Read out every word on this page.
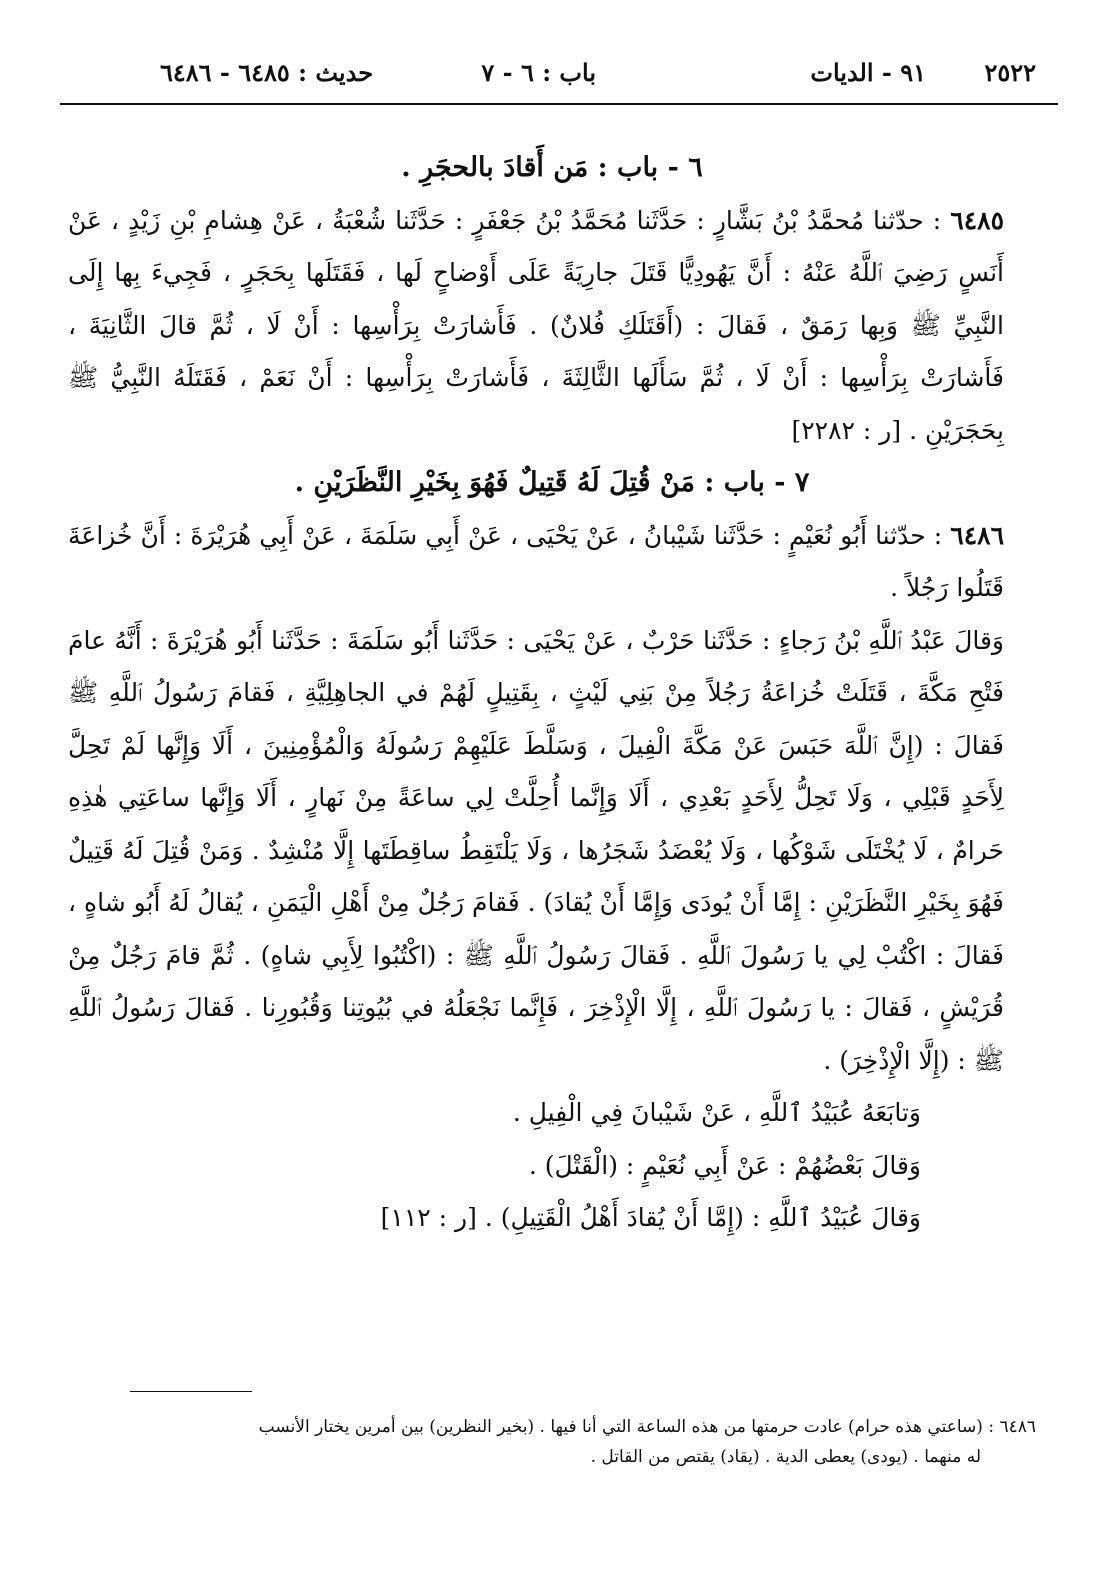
٢٥٢٢
٩١ - الديات
باب : ٦ - ٧
حديث : ٦٤٨٥ - ٦٤٨٦

٦ - باب : مَن أَقادَ بالحجَرِ .

٦٤٨٥ : حدّثنا مُحمَّدُ بْنُ بَشَّارٍ : حَدَّثَنا مُحَمَّدُ بْنُ جَعْفَرٍ : حَدَّثَنا شُعْبَةُ ، عَنْ هِشامِ بْنِ زَيْدٍ ، عَنْ أَنَسٍ رَضِيَ ٱللَّهُ عَنْهُ : أَنَّ يَهُودِيًّا قَتَلَ جارِيَةً عَلَى أَوْضاحٍ لَها ، فَقَتَلَها بِحَجَرٍ ، فَجِيءَ بِها إِلَى النَّبِيِّ ﷺ وَبِها رَمَقٌ ، فَقالَ : (أَقَتَلَكِ فُلانٌ) . فَأَشارَتْ بِرَأْسِها : أَنْ لَا ، ثُمَّ قالَ الثَّانِيَةَ ، فَأَشارَتْ بِرَأْسِها : أَنْ لَا ، ثُمَّ سَأَلَها الثَّالِثَةَ ، فَأَشارَتْ بِرَأْسِها : أَنْ نَعَمْ ، فَقَتَلَهُ النَّبِيُّ ﷺ بِحَجَرَيْنِ . [ر : ٢٢٨٢]

٧ - باب : مَنْ قُتِلَ لَهُ قَتِيلٌ فَهُوَ بِخَيْرِ النَّظَرَيْنِ .

٦٤٨٦ : حدّثنا أَبُو نُعَيْمٍ : حَدَّثَنا شَيْبانُ ، عَنْ يَحْيَى ، عَنْ أَبِي سَلَمَةَ ، عَنْ أَبِي هُرَيْرَةَ : أَنَّ خُزاعَةَ قَتَلُوا رَجُلاً .

وَقالَ عَبْدُ ٱللَّهِ بْنُ رَجاءٍ : حَدَّثَنا حَرْبٌ ، عَنْ يَحْيَى : حَدَّثَنا أَبُو سَلَمَةَ : حَدَّثَنا أَبُو هُرَيْرَةَ : أَنَّهُ عامَ فَتْحِ مَكَّةَ ، قَتَلَتْ خُزاعَةُ رَجُلاً مِنْ بَنِي لَيْثٍ ، بِقَتِيلٍ لَهُمْ في الجاهِلِيَّةِ ، فَقامَ رَسُولُ ٱللَّهِ ﷺ فَقالَ : (إِنَّ ٱللَّهَ حَبَسَ عَنْ مَكَّةَ الْفِيلَ ، وَسَلَّطَ عَلَيْهِمْ رَسُولَهُ وَالْمُؤْمِنِينَ ، أَلَا وَإِنَّها لَمْ تَحِلَّ لِأَحَدٍ قَبْلِي ، وَلَا تَحِلُّ لِأَحَدٍ بَعْدِي ، أَلَا وَإِنَّما أُحِلَّتْ لِي ساعَةً مِنْ نَهارٍ ، أَلَا وَإِنَّها ساعَتِي هٰذِهِ حَرامٌ ، لَا يُخْتَلَى شَوْكُها ، وَلَا يُعْضَدُ شَجَرُها ، وَلَا يَلْتَقِطُ ساقِطَتَها إِلَّا مُنْشِدٌ . وَمَنْ قُتِلَ لَهُ قَتِيلٌ فَهُوَ بِخَيْرِ النَّظَرَيْنِ : إِمَّا أَنْ يُودَى وَإِمَّا أَنْ يُقادَ) . فَقامَ رَجُلٌ مِنْ أَهْلِ الْيَمَنِ ، يُقالُ لَهُ أَبُو شاهٍ ، فَقالَ : اكْتُبْ لِي يا رَسُولَ ٱللَّهِ . فَقالَ رَسُولُ ٱللَّهِ ﷺ : (اكْتُبُوا لِأَبِي شاهٍ) . ثُمَّ قامَ رَجُلٌ مِنْ قُرَيْشٍ ، فَقالَ : يا رَسُولَ ٱللَّهِ ، إِلَّا الْإِذْخِرَ ، فَإِنَّما نَجْعَلُهُ في بُيُوتِنا وَقُبُورِنا . فَقالَ رَسُولُ ٱللَّهِ ﷺ : (إِلَّا الْإِذْخِرَ) .

وَتابَعَهُ عُبَيْدُ ٱللَّهِ ، عَنْ شَيْبانَ فِي الْفِيلِ .

وَقالَ بَعْضُهُمْ : عَنْ أَبِي نُعَيْمٍ : (الْقَتْلَ) .

وَقالَ عُبَيْدُ ٱللَّهِ : (إِمَّا أَنْ يُقادَ أَهْلُ الْقَتِيلِ) . [ر : ١١٢]

٦٤٨٦ : (ساعتي هذه حرام) عادت حرمتها من هذه الساعة التي أنا فيها . (بخير النظرين) بين أمرين يختار الأنسب

له منهما . (يودى) يعطى الدية . (يقاد) يقتص من القاتل .
